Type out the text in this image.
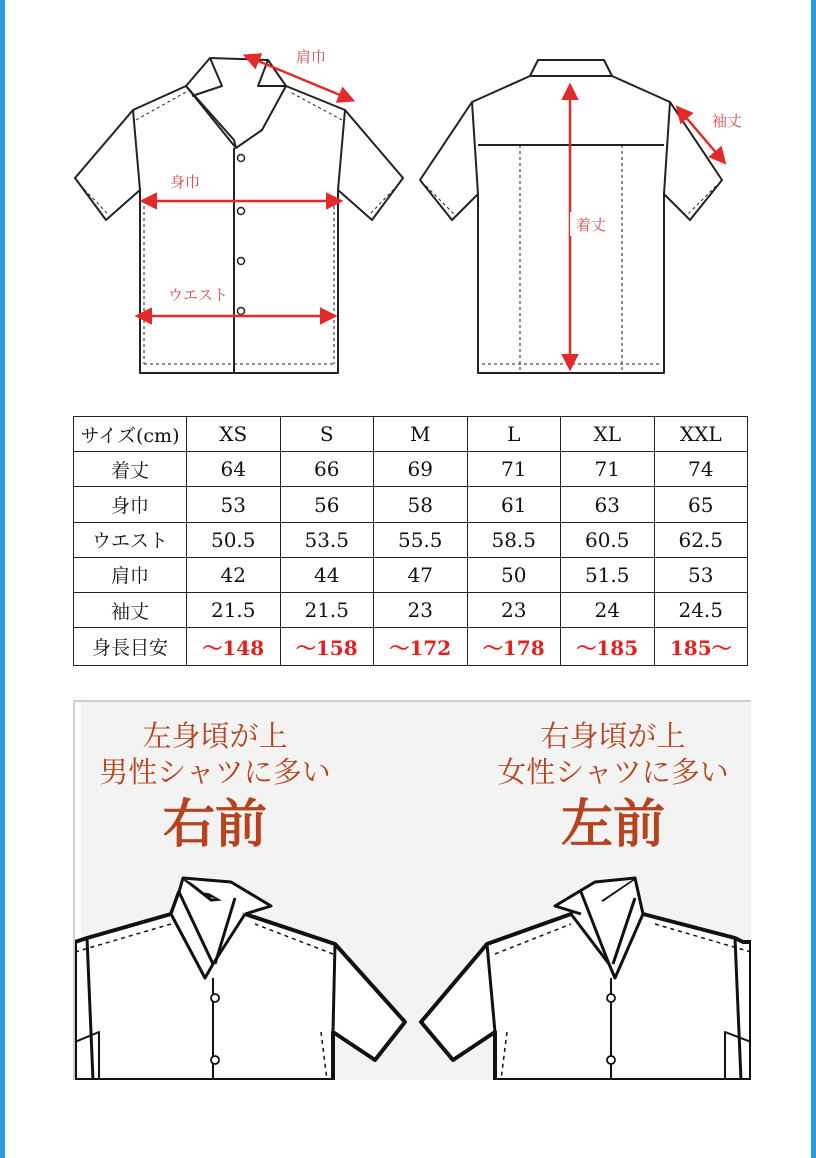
肩巾
身巾
ウエスト
袖丈
着丈
サイズ(cm)	XS	S	M	L	XL	XXL
着丈	64	66	69	71	71	74
身巾	53	56	58	61	63	65
ウエスト	50.5	53.5	55.5	58.5	60.5	62.5
肩巾	42	44	47	50	51.5	53
袖丈	21.5	21.5	23	23	24	24.5
身長目安	～148	～158	～172	～178	～185	185～
左身頃が上
男性シャツに多い
右前
右身頃が上
女性シャツに多い
左前
